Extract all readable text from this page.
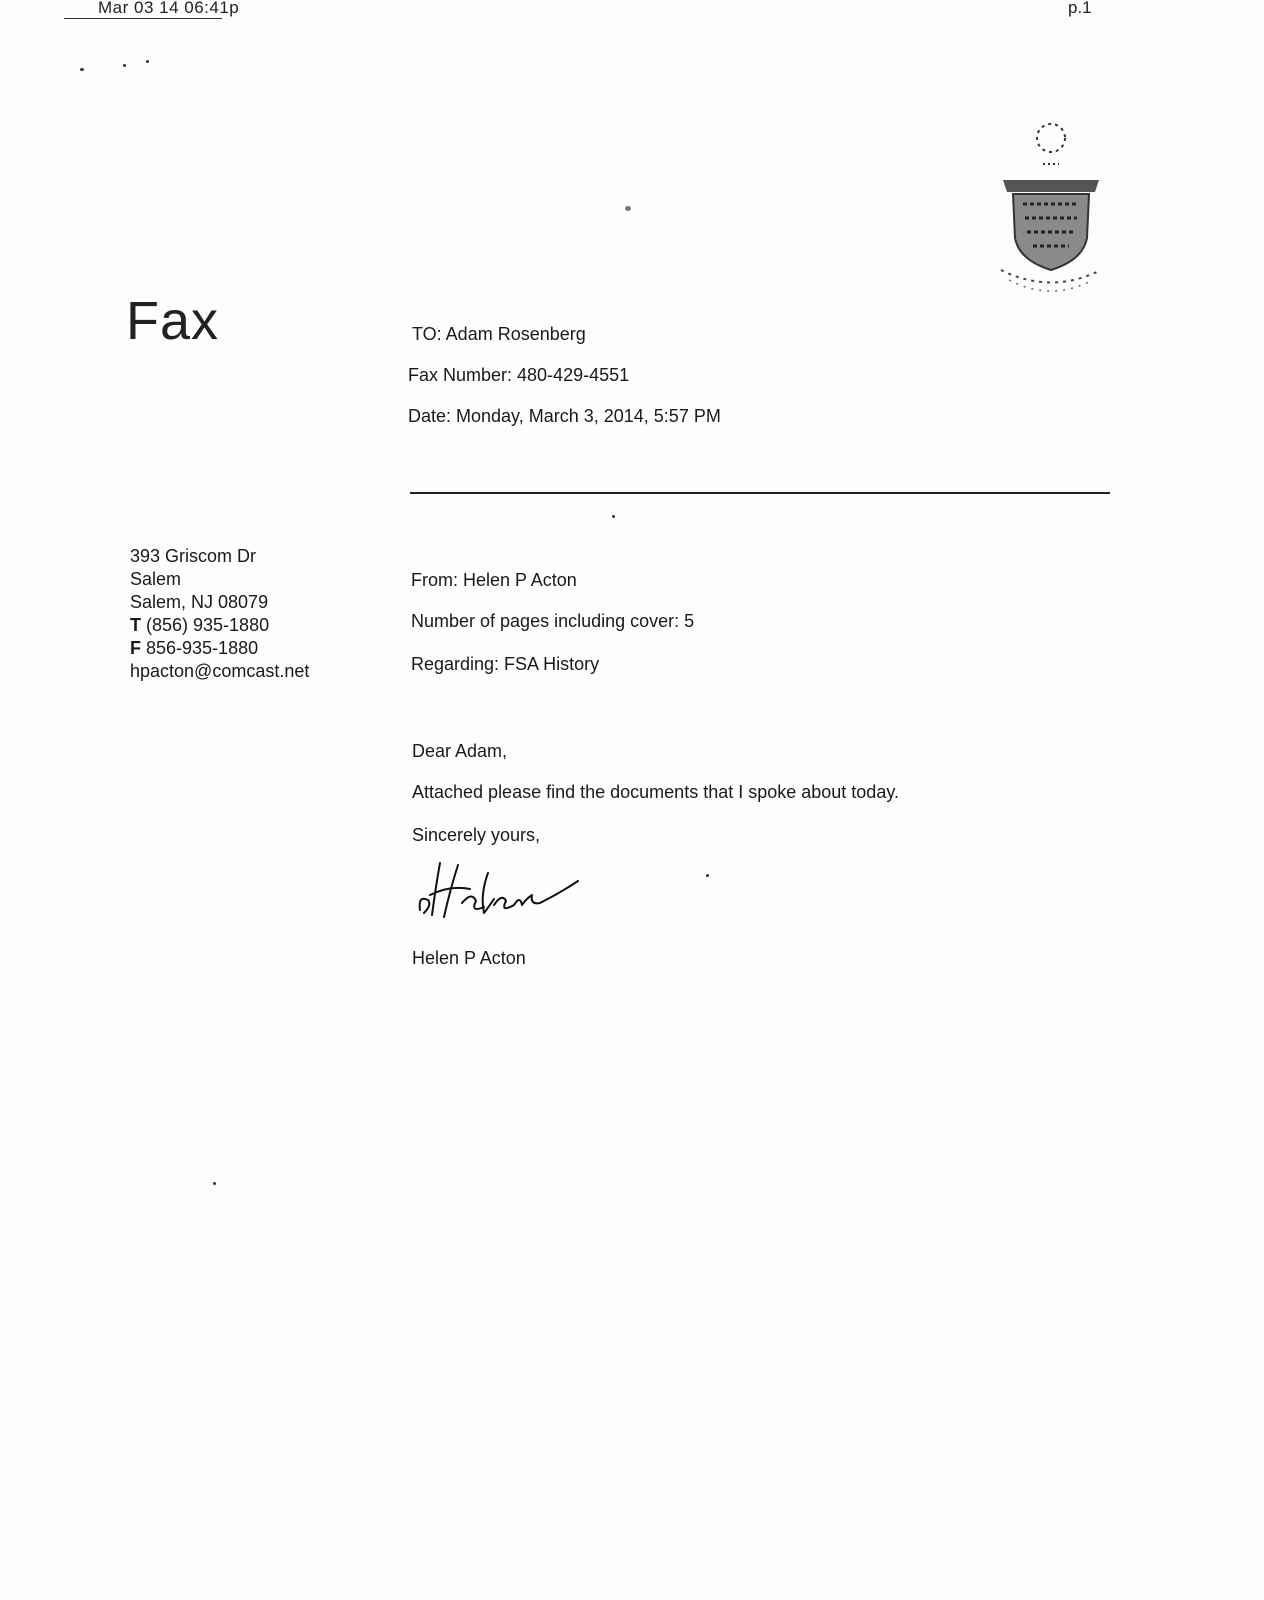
Mar 03 14 06:41p	p.1
Fax	TO: Adam Rosenberg
Fax Number: 480-429-4551
Date: Monday, March 3, 2014, 5:57 PM
393 Griscom Dr
Salem
Salem, NJ 08079
T (856) 935-1880
F 856-935-1880
hpacton@comcast.net
From: Helen P Acton
Number of pages including cover: 5
Regarding: FSA History
Dear Adam,
Attached please find the documents that I spoke about today.
Sincerely yours,
Helen P Acton
